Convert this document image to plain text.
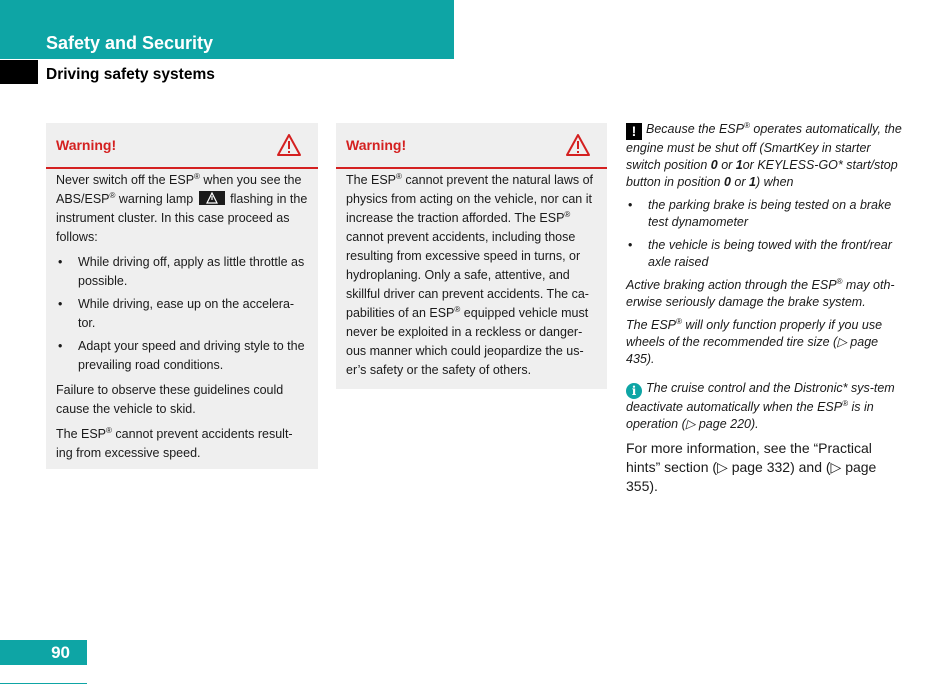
Safety and Security
Driving safety systems
Warning!

Never switch off the ESP® when you see the ABS/ESP® warning lamp
flashing in the instrument cluster. In this case proceed as follows:

• While driving off, apply as little throttle as possible.
• While driving, ease up on the accelera-tor.
• Adapt your speed and driving style to the prevailing road conditions.

Failure to observe these guidelines could cause the vehicle to skid.

The ESP® cannot prevent accidents result-ing from excessive speed.

Warning!

The ESP® cannot prevent the natural laws of physics from acting on the vehicle, nor can it increase the traction afforded. The ESP® cannot prevent accidents, including those resulting from excessive speed in turns, or hydroplaning. Only a safe, attentive, and skillful driver can prevent accidents. The ca-pabilities of an ESP® equipped vehicle must never be exploited in a reckless or danger-ous manner which could jeopardize the us-er’s safety or the safety of others.

! Because the ESP® operates automatically, the engine must be shut off (SmartKey in starter switch position 0 or 1or KEYLESS-GO* start/stop button in position 0 or 1) when

• the parking brake is being tested on a brake test dynamometer
• the vehicle is being towed with the front/rear axle raised

Active braking action through the ESP® may oth-erwise seriously damage the brake system.

The ESP® will only function properly if you use wheels of the recommended tire size (▷ page 435).

i The cruise control and the Distronic* sys-tem deactivate automatically when the ESP® is in operation (▷ page 220).

For more information, see the “Practical hints” section (▷ page 332) and (▷ page 355).

90
